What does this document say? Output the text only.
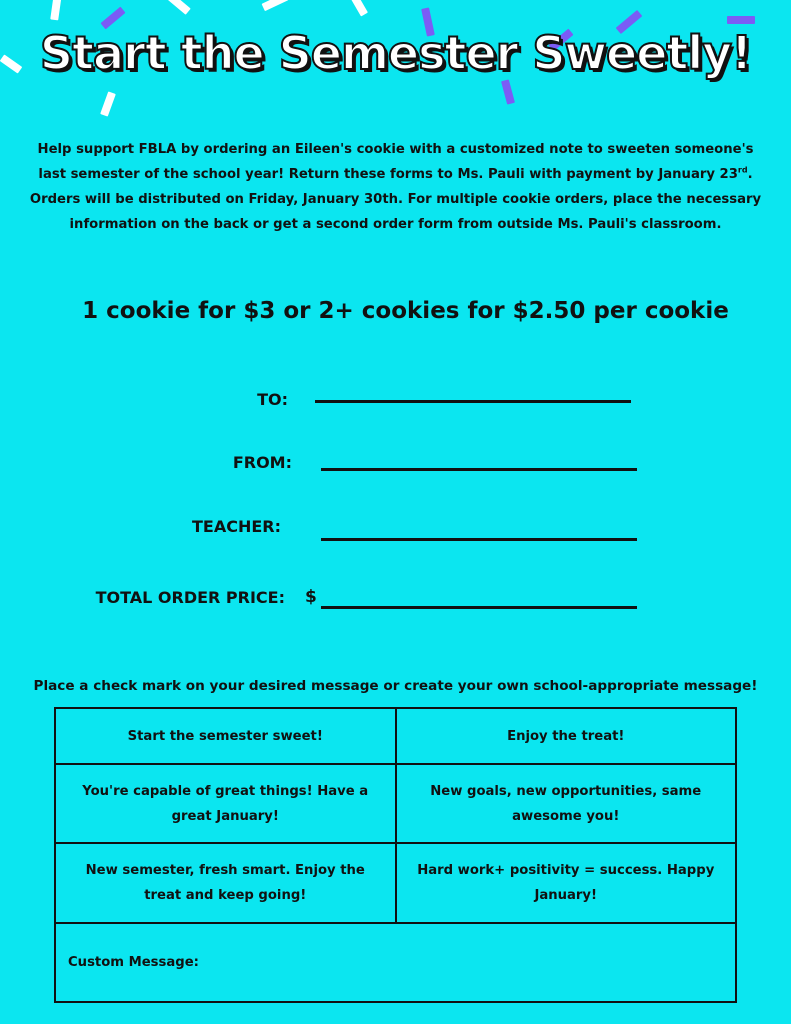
Start the Semester Sweetly!

Help support FBLA by ordering an Eileen's cookie with a customized note to sweeten someone's last semester of the school year! Return these forms to Ms. Pauli with payment by January 23rd. Orders will be distributed on Friday, January 30th. For multiple cookie orders, place the necessary information on the back or get a second order form from outside Ms. Pauli's classroom.

1 cookie for $3 or 2+ cookies for $2.50 per cookie

TO:
FROM:
TEACHER:
TOTAL ORDER PRICE: $

Place a check mark on your desired message or create your own school-appropriate message!

Start the semester sweet!	Enjoy the treat!
You're capable of great things! Have a great January!	New goals, new opportunities, same awesome you!
New semester, fresh smart. Enjoy the treat and keep going!	Hard work+ positivity = success. Happy January!
Custom Message:	
